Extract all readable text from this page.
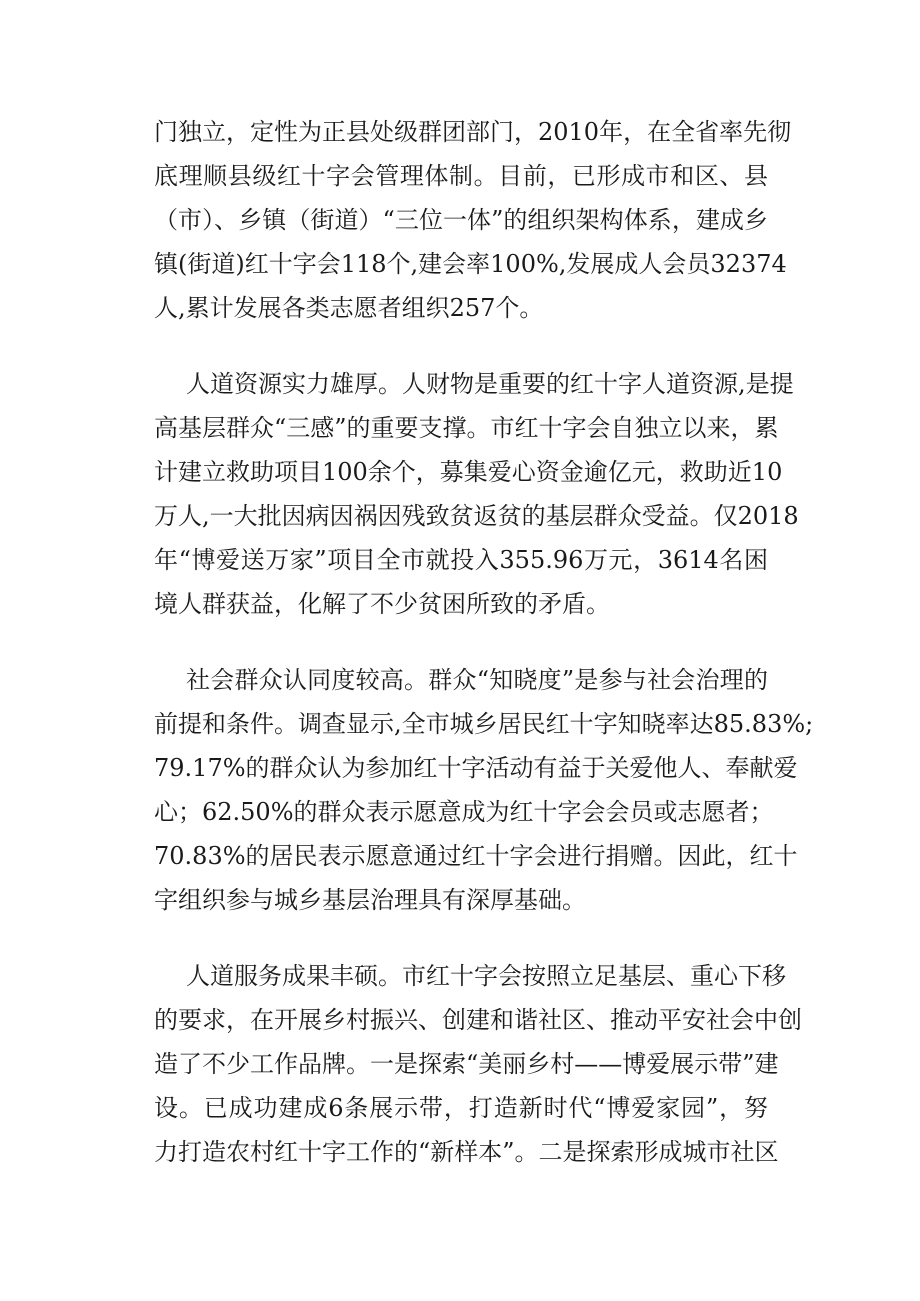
门独立，定性为正县处级群团部门，2010年，在全省率先彻
底理顺县级红十字会管理体制。目前，已形成市和区、县
（市）、乡镇（街道）“三位一体”的组织架构体系，建成乡
镇(街道)红十字会118个,建会率100%,发展成人会员32374
人,累计发展各类志愿者组织257个。

人道资源实力雄厚。人财物是重要的红十字人道资源,是提
高基层群众“三感”的重要支撑。市红十字会自独立以来，累
计建立救助项目100余个，募集爱心资金逾亿元，救助近10
万人,一大批因病因祸因残致贫返贫的基层群众受益。仅2018
年“博爱送万家”项目全市就投入355.96万元，3614名困
境人群获益，化解了不少贫困所致的矛盾。

社会群众认同度较高。群众“知晓度”是参与社会治理的
前提和条件。调查显示,全市城乡居民红十字知晓率达85.83%;
79.17%的群众认为参加红十字活动有益于关爱他人、奉献爱
心；62.50%的群众表示愿意成为红十字会会员或志愿者；
70.83%的居民表示愿意通过红十字会进行捐赠。因此，红十
字组织参与城乡基层治理具有深厚基础。

人道服务成果丰硕。市红十字会按照立足基层、重心下移
的要求，在开展乡村振兴、创建和谐社区、推动平安社会中创
造了不少工作品牌。一是探索“美丽乡村——博爱展示带”建
设。已成功建成6条展示带，打造新时代“博爱家园”，努
力打造农村红十字工作的“新样本”。二是探索形成城市社区
